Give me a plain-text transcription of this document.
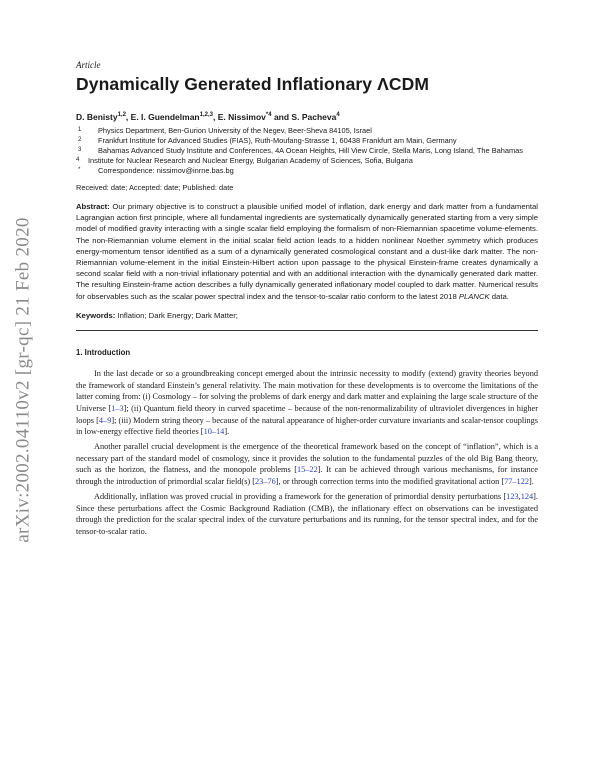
arXiv:2002.04110v2 [gr-qc] 21 Feb 2020
Article
Dynamically Generated Inflationary ΛCDM
D. Benisty$^{1,2}$, E. I. Guendelman$^{1,2,3}$, E. Nissimov$^{*4}$ and S. Pacheva$^4$
1	Physics Department, Ben-Gurion University of the Negev, Beer-Sheva 84105, Israel
2	Frankfurt Institute for Advanced Studies (FIAS), Ruth-Moufang-Strasse 1, 60438 Frankfurt am Main, Germany
3	Bahamas Advanced Study Institute and Conferences, 4A Ocean Heights, Hill View Circle, Stella Maris, Long Island, The Bahamas
4	Institute for Nuclear Research and Nuclear Energy, Bulgarian Academy of Sciences, Sofia, Bulgaria
*	Correspondence: nissimov@inrne.bas.bg
Received: date; Accepted: date; Published: date

Abstract: Our primary objective is to construct a plausible unified model of inflation, dark energy and dark matter from a fundamental Lagrangian action first principle, where all fundamental ingredients are systematically dynamically generated starting from a very simple model of modified gravity interacting with a single scalar field employing the formalism of non-Riemannian spacetime volume-elements. The non-Riemannian volume element in the initial scalar field action leads to a hidden nonlinear Noether symmetry which produces energy-momentum tensor identified as a sum of a dynamically generated cosmological constant and a dust-like dark matter. The non-Riemannian volume-element in the initial Einstein-Hilbert action upon passage to the physical Einstein-frame creates dynamically a second scalar field with a non-trivial inflationary potential and with an additional interaction with the dynamically generated dark matter. The resulting Einstein-frame action describes a fully dynamically generated inflationary model coupled to dark matter. Numerical results for observables such as the scalar power spectral index and the tensor-to-scalar ratio conform to the latest 2018 PLANCK data.

Keywords: Inflation; Dark Energy; Dark Matter;
1. Introduction

In the last decade or so a groundbreaking concept emerged about the intrinsic necessity to modify (extend) gravity theories beyond the framework of standard Einstein’s general relativity. The main motivation for these developments is to overcome the limitations of the latter coming from: (i) Cosmology – for solving the problems of dark energy and dark matter and explaining the large scale structure of the Universe [1–3]; (ii) Quantum field theory in curved spacetime – because of the non-renormalizability of ultraviolet divergences in higher loops [4–9]; (iii) Modern string theory – because of the natural appearance of higher-order curvature invariants and scalar-tensor couplings in low-energy effective field theories [10–14].

Another parallel crucial development is the emergence of the theoretical framework based on the concept of “inflation”, which is a necessary part of the standard model of cosmology, since it provides the solution to the fundamental puzzles of the old Big Bang theory, such as the horizon, the flatness, and the monopole problems [15–22]. It can be achieved through various mechanisms, for instance through the introduction of primordial scalar field(s) [23–76], or through correction terms into the modified gravitational action [77–122].

Additionally, inflation was proved crucial in providing a framework for the generation of primordial density perturbations [123,124]. Since these perturbations affect the Cosmic Background Radiation (CMB), the inflationary effect on observations can be investigated through the prediction for the scalar spectral index of the curvature perturbations and its running, for the tensor spectral index, and for the tensor-to-scalar ratio.
